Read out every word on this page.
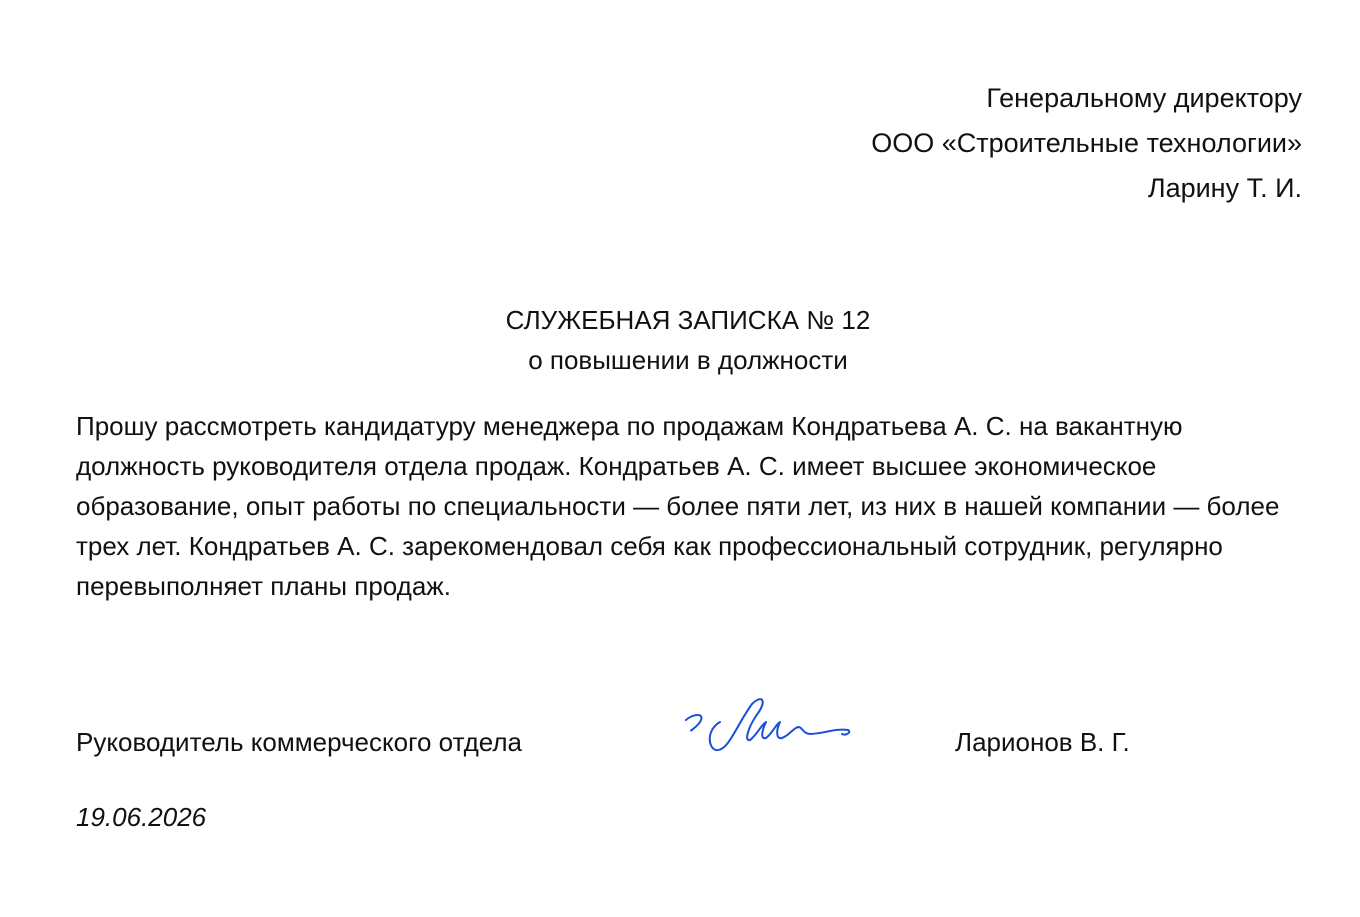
Генеральному директору
ООО «Строительные технологии»
Ларину Т. И.
СЛУЖЕБНАЯ ЗАПИСКА № 12
о повышении в должности

Прошу рассмотреть кандидатуру менеджера по продажам Кондратьева А. С. на вакантную должность руководителя отдела продаж. Кондратьев А. С. имеет высшее экономическое образование, опыт работы по специальности — более пяти лет, из них в нашей компании — более трех лет. Кондратьев А. С. зарекомендовал себя как профессиональный сотрудник, регулярно перевыполняет планы продаж.

Руководитель коммерческого отдела	Ларионов В. Г.
19.06.2026
